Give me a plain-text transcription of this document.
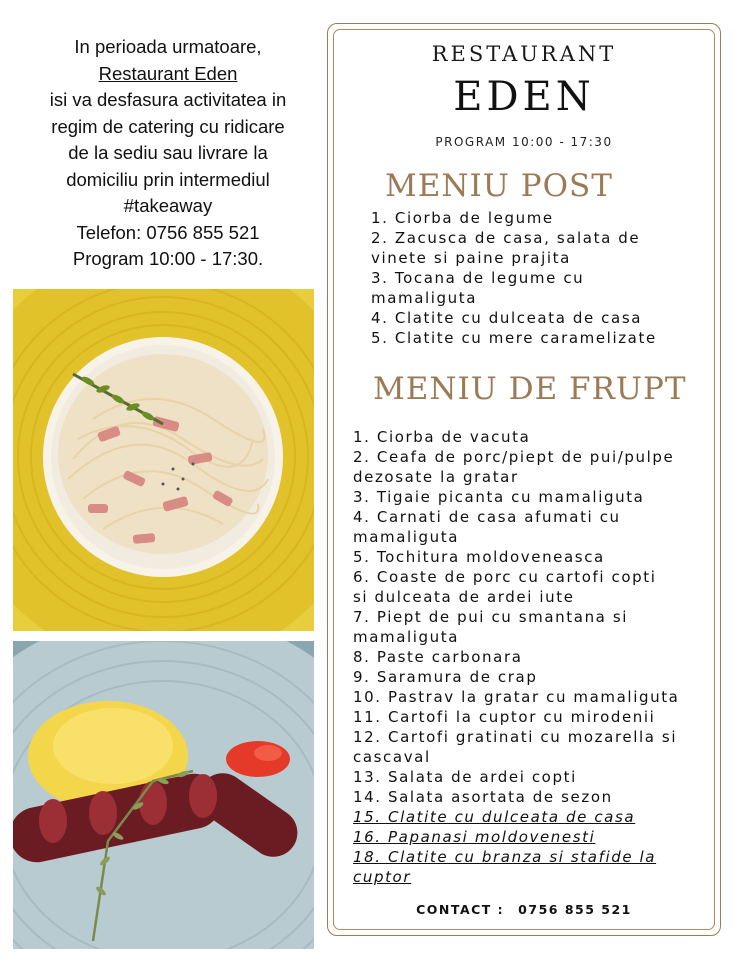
In perioada urmatoare,
Restaurant Eden
isi va desfasura activitatea in
regim de catering cu ridicare
de la sediu sau livrare la
domiciliu prin intermediul
#takeaway
Telefon: 0756 855 521
Program 10:00 - 17:30.
RESTAURANT
EDEN
PROGRAM 10:00 - 17:30
MENIU POST
1. Ciorba de legume
2. Zacusca de casa, salata de
vinete si paine prajita
3. Tocana de legume cu
mamaliguta
4. Clatite cu dulceata de casa
5. Clatite cu mere caramelizate
MENIU DE FRUPT
1. Ciorba de vacuta
2. Ceafa de porc/piept de pui/pulpe
dezosate la gratar
3. Tigaie picanta cu mamaliguta
4. Carnati de casa afumati cu
mamaliguta
5. Tochitura moldoveneasca
6. Coaste de porc cu cartofi copti
si dulceata de ardei iute
7. Piept de pui cu smantana si
mamaliguta
8. Paste carbonara
9. Saramura de crap
10. Pastrav la gratar cu mamaliguta
11. Cartofi la cuptor cu mirodenii
12. Cartofi gratinati cu mozarella si
cascaval
13. Salata de ardei copti
14. Salata asortata de sezon
15. Clatite cu dulceata de casa
16. Papanasi moldovenesti
18. Clatite cu branza si stafide la
cuptor
CONTACT : 0756 855 521
